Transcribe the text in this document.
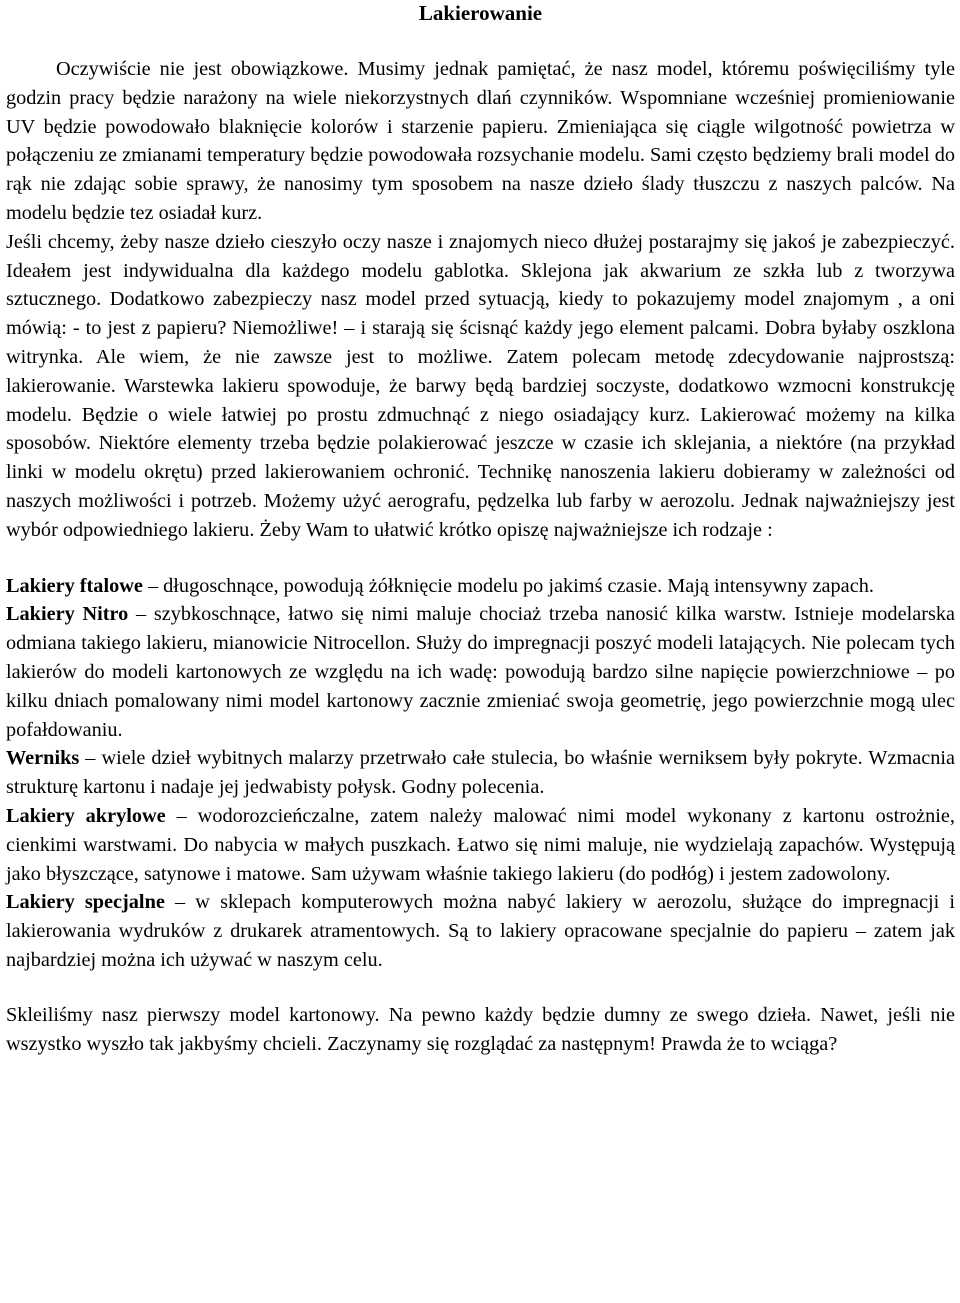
Lakierowanie

Oczywiście nie jest obowiązkowe. Musimy jednak pamiętać, że nasz model, któremu poświęciliśmy tyle godzin pracy będzie narażony na wiele niekorzystnych dlań czynników. Wspomniane wcześniej promieniowanie UV będzie powodowało blaknięcie kolorów i starzenie papieru. Zmieniająca się ciągle wilgotność powietrza w połączeniu ze zmianami temperatury będzie powodowała rozsychanie modelu. Sami często będziemy brali model do rąk nie zdając sobie sprawy, że nanosimy tym sposobem na nasze dzieło ślady tłuszczu z naszych palców. Na modelu będzie tez osiadał kurz.

Jeśli chcemy, żeby nasze dzieło cieszyło oczy nasze i znajomych nieco dłużej postarajmy się jakoś je zabezpieczyć. Ideałem jest indywidualna dla każdego modelu gablotka. Sklejona jak akwarium ze szkła lub z tworzywa sztucznego. Dodatkowo zabezpieczy nasz model przed sytuacją, kiedy to pokazujemy model znajomym , a oni mówią: - to jest z papieru? Niemożliwe! – i starają się ścisnąć każdy jego element palcami. Dobra byłaby oszklona witrynka. Ale wiem, że nie zawsze jest to możliwe. Zatem polecam metodę zdecydowanie najprostszą: lakierowanie. Warstewka lakieru spowoduje, że barwy będą bardziej soczyste, dodatkowo wzmocni konstrukcję modelu. Będzie o wiele łatwiej po prostu zdmuchnąć z niego osiadający kurz. Lakierować możemy na kilka sposobów. Niektóre elementy trzeba będzie polakierować jeszcze w czasie ich sklejania, a niektóre (na przykład linki w modelu okrętu) przed lakierowaniem ochronić. Technikę nanoszenia lakieru dobieramy w zależności od naszych możliwości i potrzeb. Możemy użyć aerografu, pędzelka lub farby w aerozolu. Jednak najważniejszy jest wybór odpowiedniego lakieru. Żeby Wam to ułatwić krótko opiszę najważniejsze ich rodzaje :

Lakiery ftalowe – długoschnące, powodują żółknięcie modelu po jakimś czasie. Mają intensywny zapach.

Lakiery Nitro – szybkoschnące, łatwo się nimi maluje chociaż trzeba nanosić kilka warstw. Istnieje modelarska odmiana takiego lakieru, mianowicie Nitrocellon. Służy do impregnacji poszyć modeli latających. Nie polecam tych lakierów do modeli kartonowych ze względu na ich wadę: powodują bardzo silne napięcie powierzchniowe – po kilku dniach pomalowany nimi model kartonowy zacznie zmieniać swoja geometrię, jego powierzchnie mogą ulec pofałdowaniu.

Werniks – wiele dzieł wybitnych malarzy przetrwało całe stulecia, bo właśnie werniksem były pokryte. Wzmacnia strukturę kartonu i nadaje jej jedwabisty połysk. Godny polecenia.

Lakiery akrylowe – wodorozcieńczalne, zatem należy malować nimi model wykonany z kartonu ostrożnie, cienkimi warstwami. Do nabycia w małych puszkach. Łatwo się nimi maluje, nie wydzielają zapachów. Występują jako błyszczące, satynowe i matowe. Sam używam właśnie takiego lakieru (do podłóg) i jestem zadowolony.

Lakiery specjalne – w sklepach komputerowych można nabyć lakiery w aerozolu, służące do impregnacji i lakierowania wydruków z drukarek atramentowych. Są to lakiery opracowane specjalnie do papieru – zatem jak najbardziej można ich używać w naszym celu.

Skleiliśmy nasz pierwszy model kartonowy. Na pewno każdy będzie dumny ze swego dzieła. Nawet, jeśli nie wszystko wyszło tak jakbyśmy chcieli. Zaczynamy się rozglądać za następnym! Prawda że to wciąga?
